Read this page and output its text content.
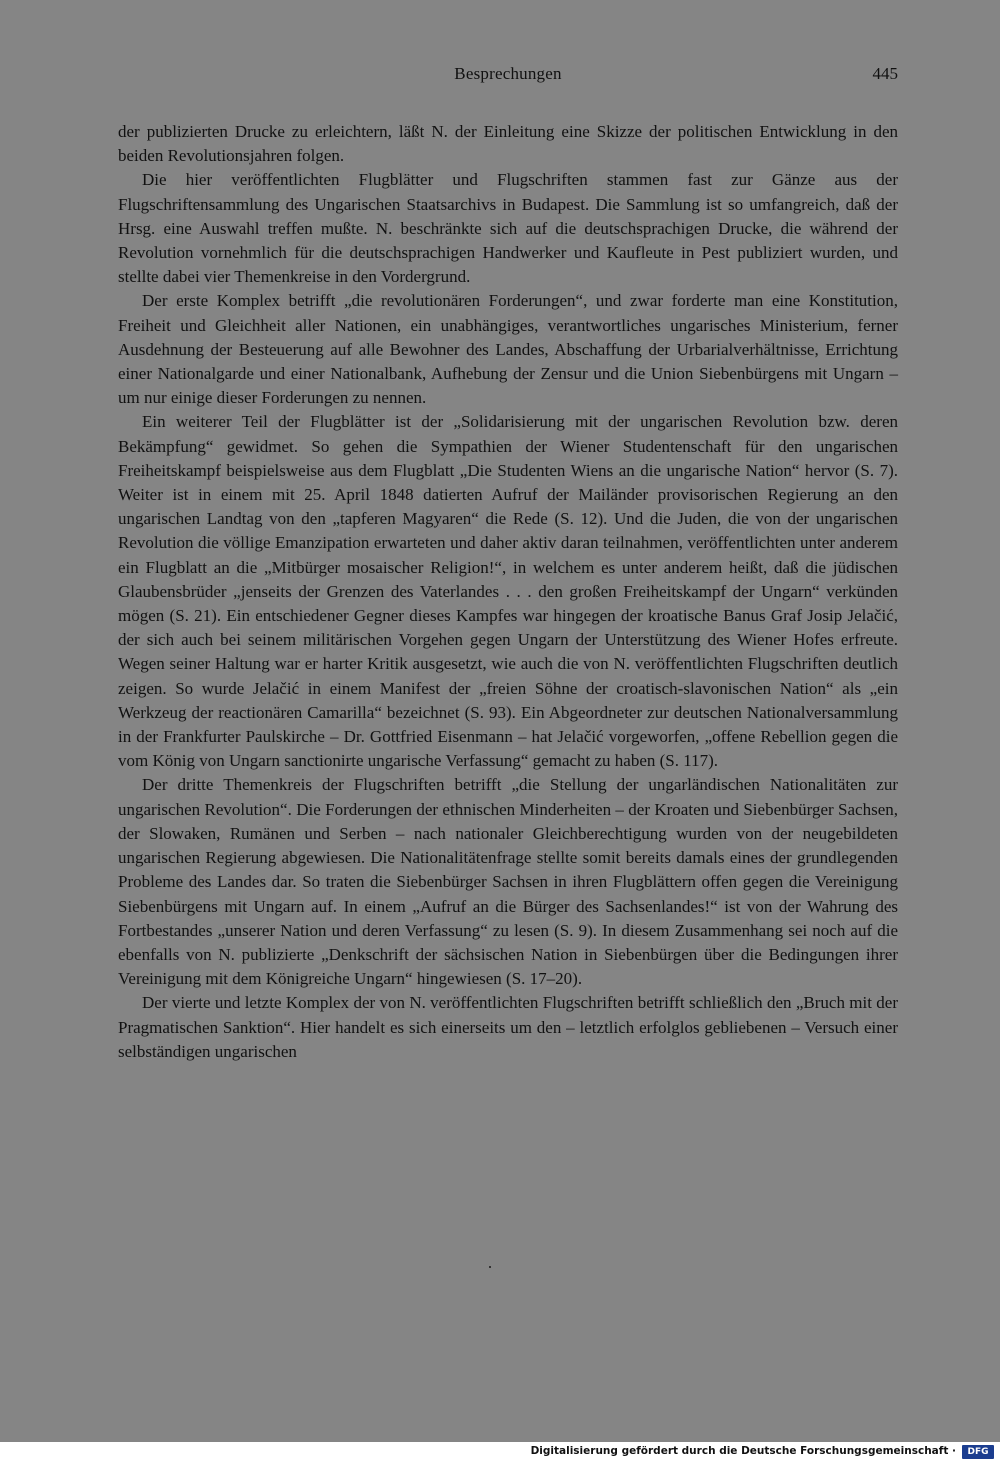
Besprechungen	445

der publizierten Drucke zu erleichtern, läßt N. der Einleitung eine Skizze der politischen Entwicklung in den beiden Revolutionsjahren folgen.

Die hier veröffentlichten Flugblätter und Flugschriften stammen fast zur Gänze aus der Flugschriftensammlung des Ungarischen Staatsarchivs in Budapest. Die Sammlung ist so umfangreich, daß der Hrsg. eine Auswahl treffen mußte. N. beschränkte sich auf die deutschsprachigen Drucke, die während der Revolution vornehmlich für die deutschsprachigen Handwerker und Kaufleute in Pest publiziert wurden, und stellte dabei vier Themenkreise in den Vordergrund.

Der erste Komplex betrifft „die revolutionären Forderungen“, und zwar forderte man eine Konstitution, Freiheit und Gleichheit aller Nationen, ein unabhängiges, verantwortliches ungarisches Ministerium, ferner Ausdehnung der Besteuerung auf alle Bewohner des Landes, Abschaffung der Urbarialverhältnisse, Errichtung einer Nationalgarde und einer Nationalbank, Aufhebung der Zensur und die Union Siebenbürgens mit Ungarn – um nur einige dieser Forderungen zu nennen.

Ein weiterer Teil der Flugblätter ist der „Solidarisierung mit der ungarischen Revolution bzw. deren Bekämpfung“ gewidmet. So gehen die Sympathien der Wiener Studentenschaft für den ungarischen Freiheitskampf beispielsweise aus dem Flugblatt „Die Studenten Wiens an die ungarische Nation“ hervor (S. 7). Weiter ist in einem mit 25. April 1848 datierten Aufruf der Mailänder provisorischen Regierung an den ungarischen Landtag von den „tapferen Magyaren“ die Rede (S. 12). Und die Juden, die von der ungarischen Revolution die völlige Emanzipation erwarteten und daher aktiv daran teilnahmen, veröffentlichten unter anderem ein Flugblatt an die „Mitbürger mosaischer Religion!“, in welchem es unter anderem heißt, daß die jüdischen Glaubensbrüder „jenseits der Grenzen des Vaterlandes . . . den großen Freiheitskampf der Ungarn“ verkünden mögen (S. 21). Ein entschiedener Gegner dieses Kampfes war hingegen der kroatische Banus Graf Josip Jelačić, der sich auch bei seinem militärischen Vorgehen gegen Ungarn der Unterstützung des Wiener Hofes erfreute. Wegen seiner Haltung war er harter Kritik ausgesetzt, wie auch die von N. veröffentlichten Flugschriften deutlich zeigen. So wurde Jelačić in einem Manifest der „freien Söhne der croatisch-slavonischen Nation“ als „ein Werkzeug der reactionären Camarilla“ bezeichnet (S. 93). Ein Abgeordneter zur deutschen Nationalversammlung in der Frankfurter Paulskirche – Dr. Gottfried Eisenmann – hat Jelačić vorgeworfen, „offene Rebellion gegen die vom König von Ungarn sanctionirte ungarische Verfassung“ gemacht zu haben (S. 117).

Der dritte Themenkreis der Flugschriften betrifft „die Stellung der ungarländischen Nationalitäten zur ungarischen Revolution“. Die Forderungen der ethnischen Minderheiten – der Kroaten und Siebenbürger Sachsen, der Slowaken, Rumänen und Serben – nach nationaler Gleichberechtigung wurden von der neugebildeten ungarischen Regierung abgewiesen. Die Nationalitätenfrage stellte somit bereits damals eines der grundlegenden Probleme des Landes dar. So traten die Siebenbürger Sachsen in ihren Flugblättern offen gegen die Vereinigung Siebenbürgens mit Ungarn auf. In einem „Aufruf an die Bürger des Sachsenlandes!“ ist von der Wahrung des Fortbestandes „unserer Nation und deren Verfassung“ zu lesen (S. 9). In diesem Zusammenhang sei noch auf die ebenfalls von N. publizierte „Denkschrift der sächsischen Nation in Siebenbürgen über die Bedingungen ihrer Vereinigung mit dem Königreiche Ungarn“ hingewiesen (S. 17–20).

Der vierte und letzte Komplex der von N. veröffentlichten Flugschriften betrifft schließlich den „Bruch mit der Pragmatischen Sanktion“. Hier handelt es sich einerseits um den – letztlich erfolglos gebliebenen – Versuch einer selbständigen ungarischen

Digitalisierung gefördert durch die Deutsche Forschungsgemeinschaft ·	DFG
